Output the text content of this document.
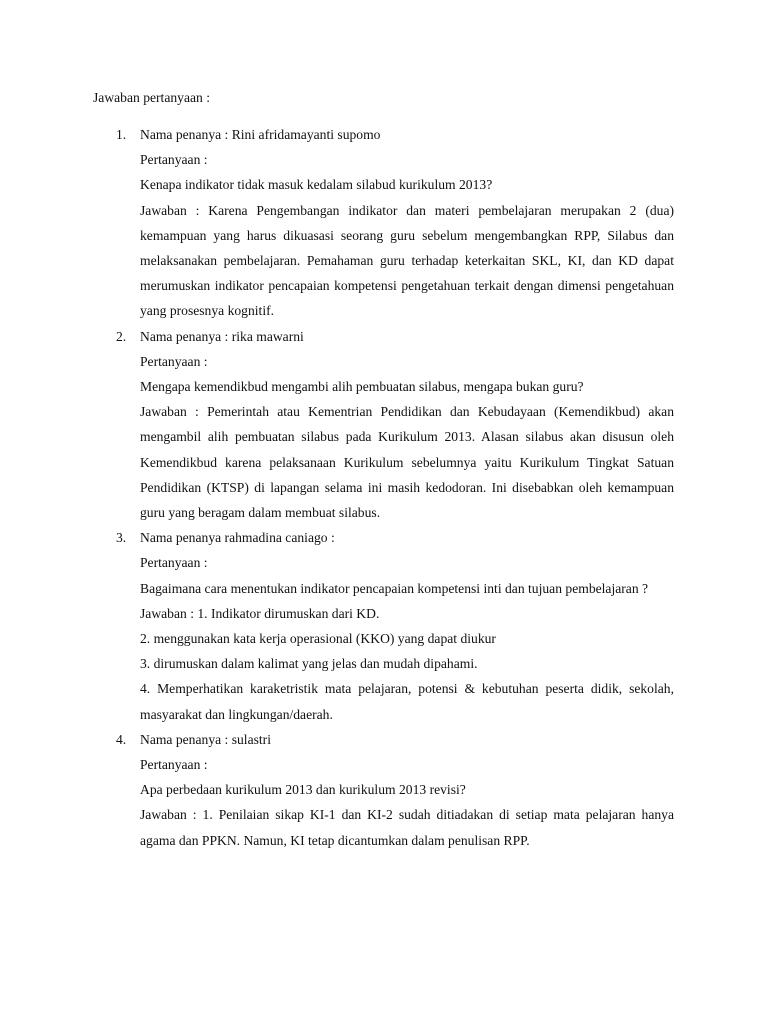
Jawaban pertanyaan :

1. Nama penanya : Rini afridamayanti supomo

Pertanyaan :

Kenapa indikator tidak masuk kedalam silabud kurikulum 2013?

Jawaban : Karena Pengembangan indikator dan materi pembelajaran merupakan 2 (dua) kemampuan yang harus dikuasasi seorang guru sebelum mengembangkan RPP, Silabus dan melaksanakan pembelajaran. Pemahaman guru terhadap keterkaitan SKL, KI, dan KD dapat merumuskan indikator pencapaian kompetensi pengetahuan terkait dengan dimensi pengetahuan yang prosesnya kognitif.

2. Nama penanya : rika mawarni

Pertanyaan :

Mengapa kemendikbud mengambi alih pembuatan silabus, mengapa bukan guru?

Jawaban : Pemerintah atau Kementrian Pendidikan dan Kebudayaan (Kemendikbud) akan mengambil alih pembuatan silabus pada Kurikulum 2013. Alasan silabus akan disusun oleh Kemendikbud karena pelaksanaan Kurikulum sebelumnya yaitu Kurikulum Tingkat Satuan Pendidikan (KTSP) di lapangan selama ini masih kedodoran. Ini disebabkan oleh kemampuan guru yang beragam dalam membuat silabus.

3. Nama penanya rahmadina caniago :

Pertanyaan :

Bagaimana cara menentukan indikator pencapaian kompetensi inti dan tujuan pembelajaran ?

Jawaban : 1. Indikator dirumuskan dari KD.

2. menggunakan kata kerja operasional (KKO) yang dapat diukur

3. dirumuskan dalam kalimat yang jelas dan mudah dipahami.

4. Memperhatikan karaketristik mata pelajaran, potensi & kebutuhan peserta didik, sekolah, masyarakat dan lingkungan/daerah.

4. Nama penanya : sulastri

Pertanyaan :

Apa perbedaan kurikulum 2013 dan kurikulum 2013 revisi?

Jawaban : 1. Penilaian sikap KI-1 dan KI-2 sudah ditiadakan di setiap mata pelajaran hanya agama dan PPKN. Namun, KI tetap dicantumkan dalam penulisan RPP.
